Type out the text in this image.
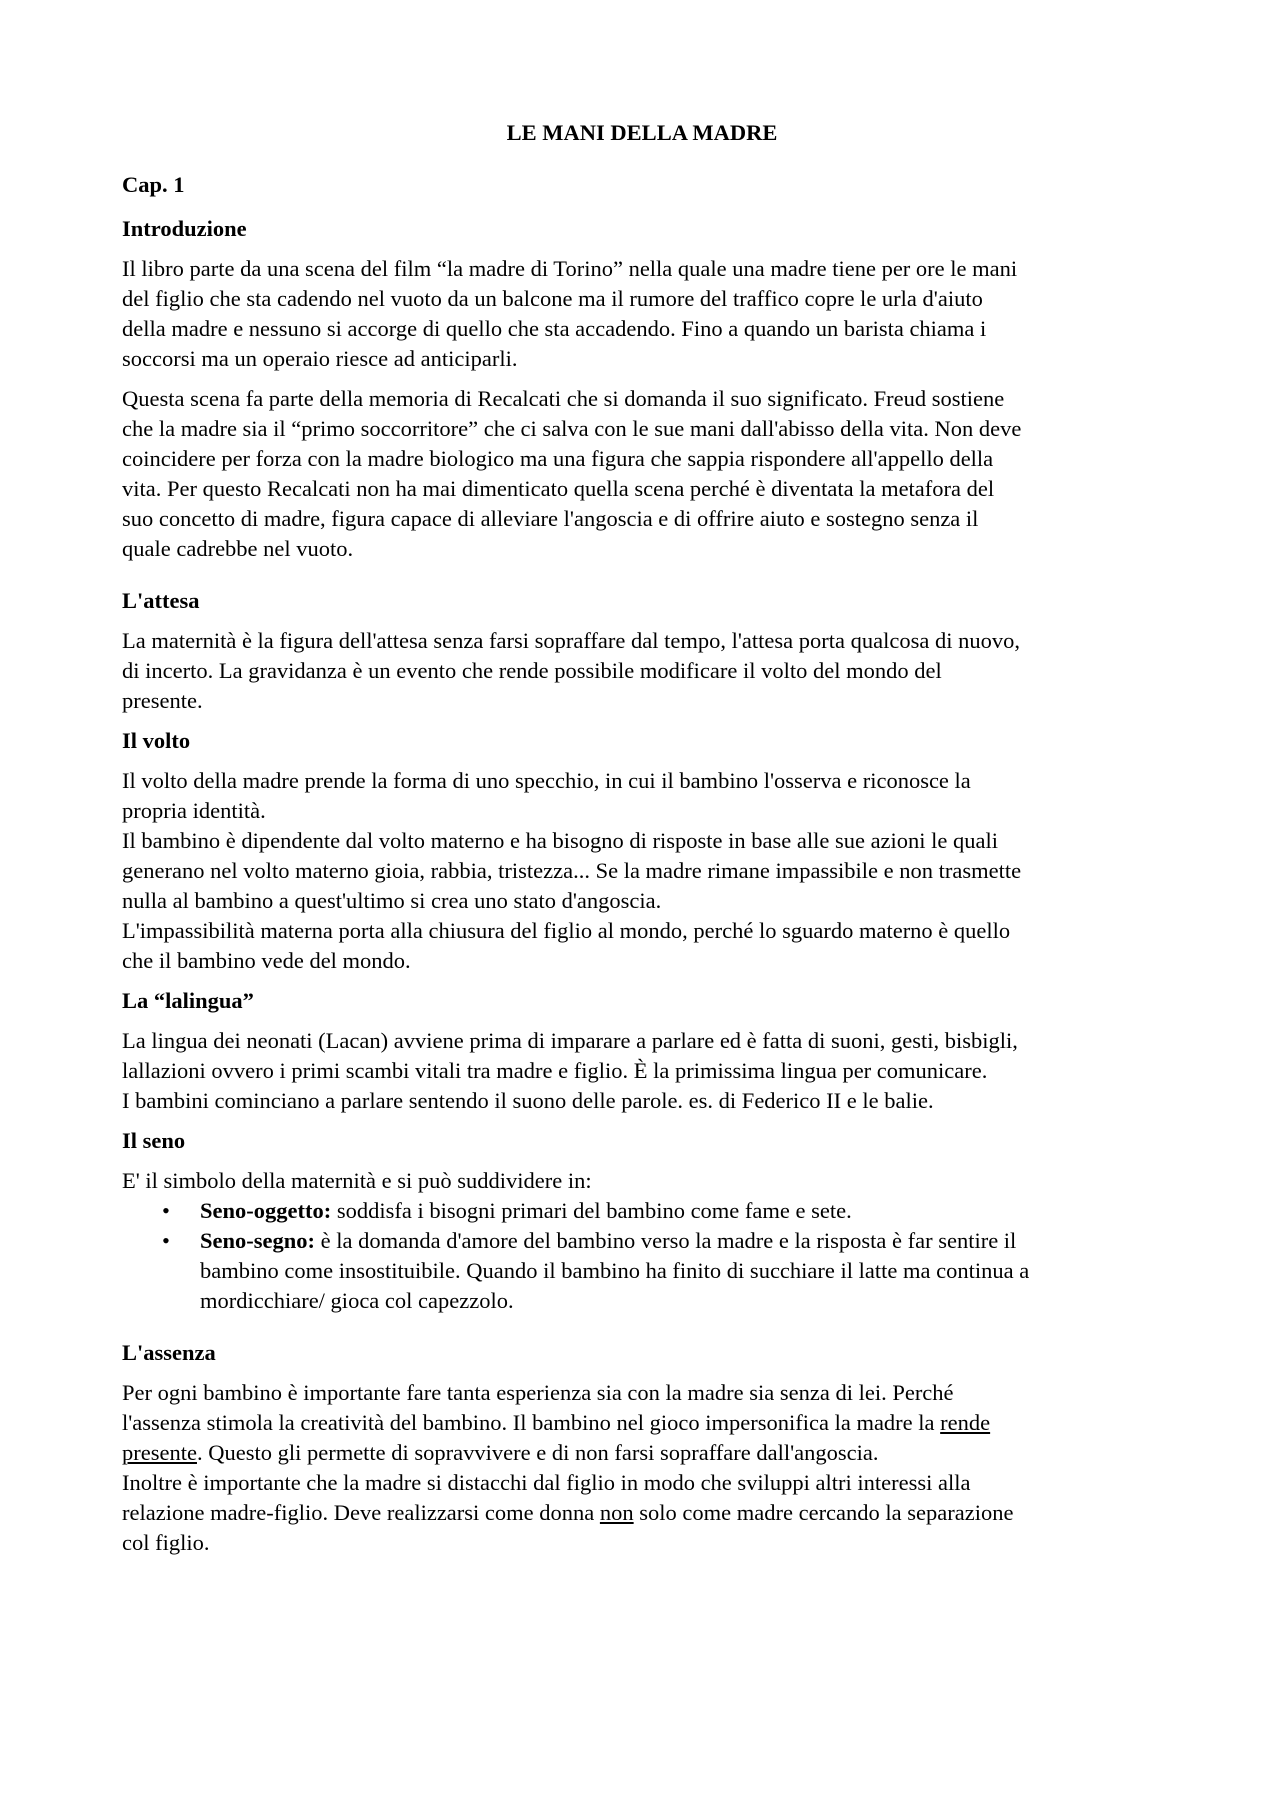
LE MANI DELLA MADRE
Cap. 1
Introduzione
Il libro parte da una scena del film “la madre di Torino” nella quale una madre tiene per ore le mani
del figlio che sta cadendo nel vuoto da un balcone ma il rumore del traffico copre le urla d'aiuto
della madre e nessuno si accorge di quello che sta accadendo. Fino a quando un barista chiama i
soccorsi ma un operaio riesce ad anticiparli.
Questa scena fa parte della memoria di Recalcati che si domanda il suo significato. Freud sostiene
che la madre sia il “primo soccorritore” che ci salva con le sue mani dall'abisso della vita. Non deve
coincidere per forza con la madre biologico ma una figura che sappia rispondere all'appello della
vita. Per questo Recalcati non ha mai dimenticato quella scena perché è diventata la metafora del
suo concetto di madre, figura capace di alleviare l'angoscia e di offrire aiuto e sostegno senza il
quale cadrebbe nel vuoto.
L'attesa
La maternità è la figura dell'attesa senza farsi sopraffare dal tempo, l'attesa porta qualcosa di nuovo,
di incerto. La gravidanza è un evento che rende possibile modificare il volto del mondo del
presente.
Il volto
Il volto della madre prende la forma di uno specchio, in cui il bambino l'osserva e riconosce la
propria identità.
Il bambino è dipendente dal volto materno e ha bisogno di risposte in base alle sue azioni le quali
generano nel volto materno gioia, rabbia, tristezza... Se la madre rimane impassibile e non trasmette
nulla al bambino a quest'ultimo si crea uno stato d'angoscia.
L'impassibilità materna porta alla chiusura del figlio al mondo, perché lo sguardo materno è quello
che il bambino vede del mondo.
La “lalingua”
La lingua dei neonati (Lacan) avviene prima di imparare a parlare ed è fatta di suoni, gesti, bisbigli,
lallazioni ovvero i primi scambi vitali tra madre e figlio. È la primissima lingua per comunicare.
I bambini cominciano a parlare sentendo il suono delle parole. es. di Federico II e le balie.
Il seno
E' il simbolo della maternità e si può suddividere in:
• Seno-oggetto: soddisfa i bisogni primari del bambino come fame e sete.
• Seno-segno: è la domanda d'amore del bambino verso la madre e la risposta è far sentire il
bambino come insostituibile. Quando il bambino ha finito di succhiare il latte ma continua a
mordicchiare/ gioca col capezzolo.
L'assenza
Per ogni bambino è importante fare tanta esperienza sia con la madre sia senza di lei. Perché
l'assenza stimola la creatività del bambino. Il bambino nel gioco impersonifica la madre la rende
presente. Questo gli permette di sopravvivere e di non farsi sopraffare dall'angoscia.
Inoltre è importante che la madre si distacchi dal figlio in modo che sviluppi altri interessi alla
relazione madre-figlio. Deve realizzarsi come donna non solo come madre cercando la separazione
col figlio.
